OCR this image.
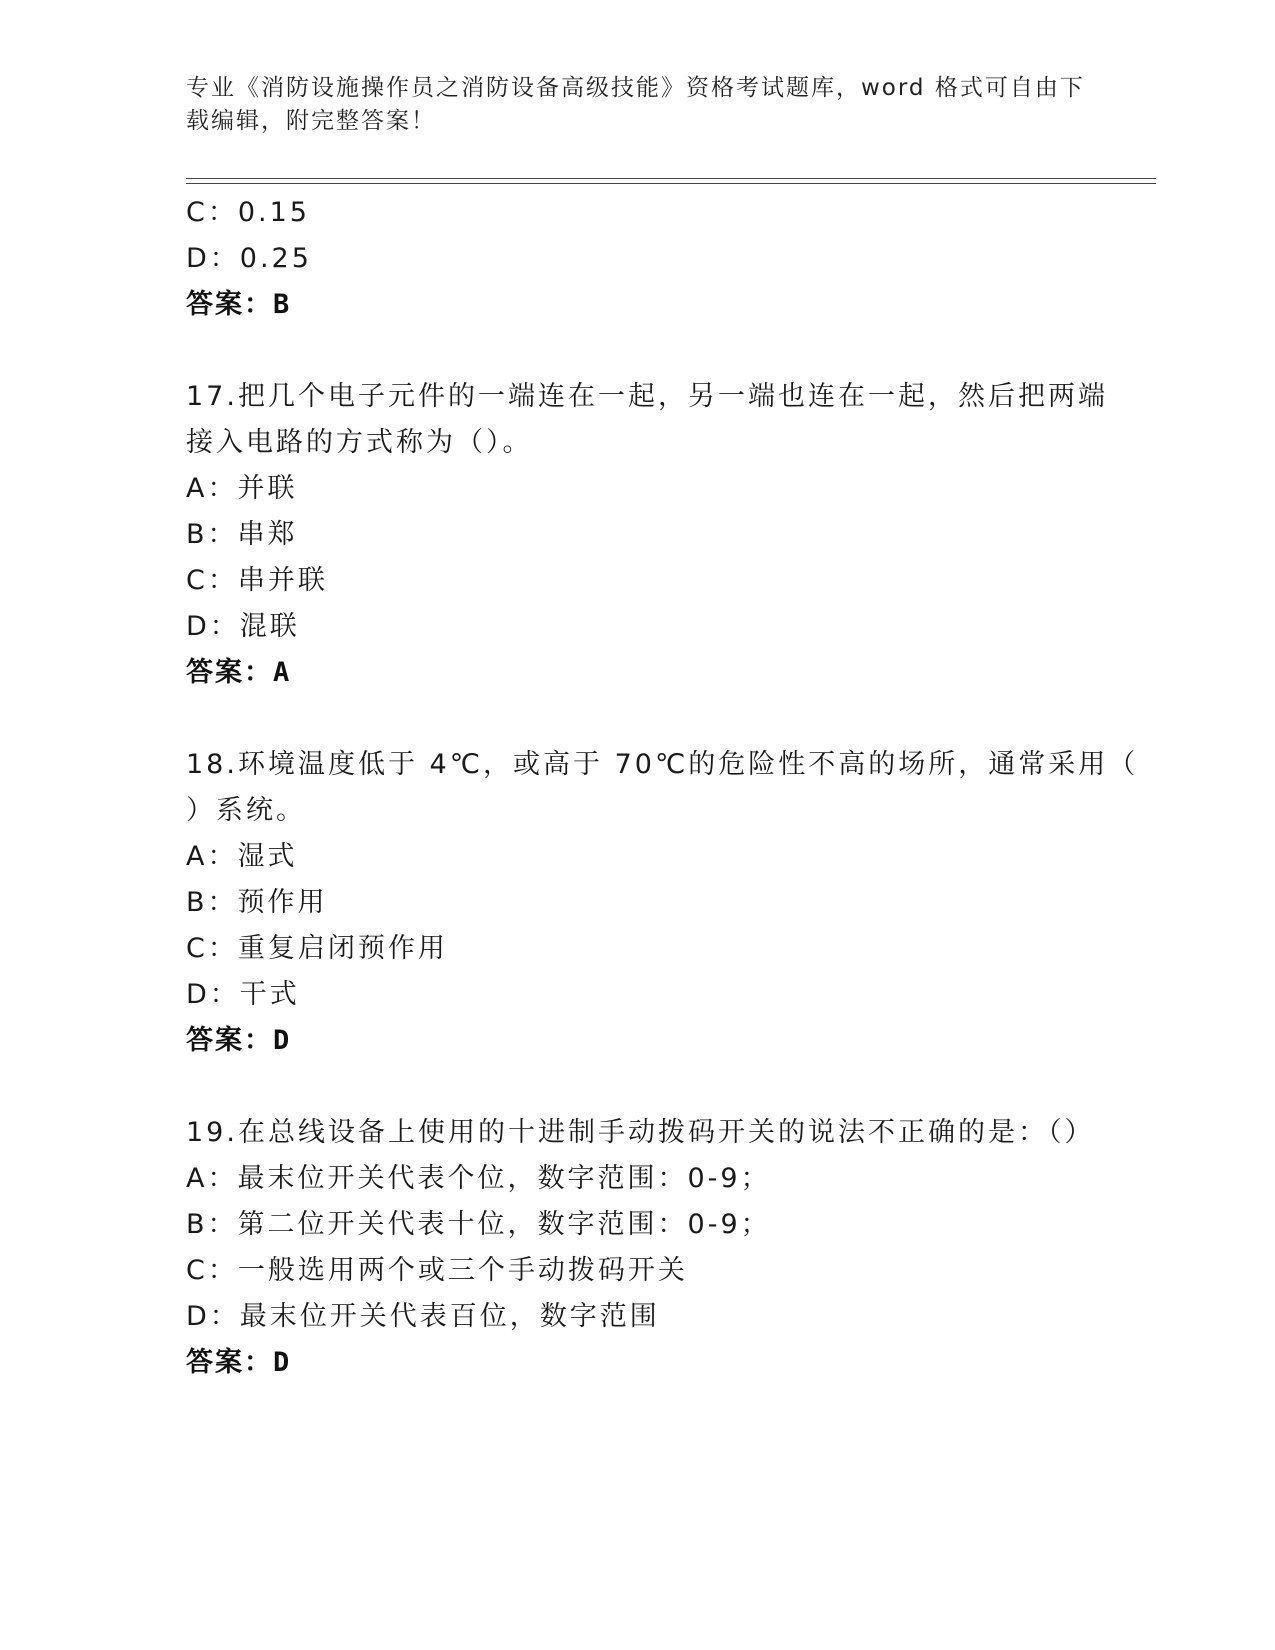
专业《消防设施操作员之消防设备高级技能》资格考试题库，word 格式可自由下
载编辑，附完整答案！
C：0.15
D：0.25
答案：B
17.把几个电子元件的一端连在一起，另一端也连在一起，然后把两端
接入电路的方式称为（）。
A：并联
B：串郑
C：串并联
D：混联
答案：A
18.环境温度低于 4℃，或高于 70℃的危险性不高的场所，通常采用（
）系统。
A：湿式
B：预作用
C：重复启闭预作用
D：干式
答案：D
19.在总线设备上使用的十进制手动拨码开关的说法不正确的是：（）
A：最末位开关代表个位，数字范围：0-9；
B：第二位开关代表十位，数字范围：0-9；
C：一般选用两个或三个手动拨码开关
D：最末位开关代表百位，数字范围
答案：D
